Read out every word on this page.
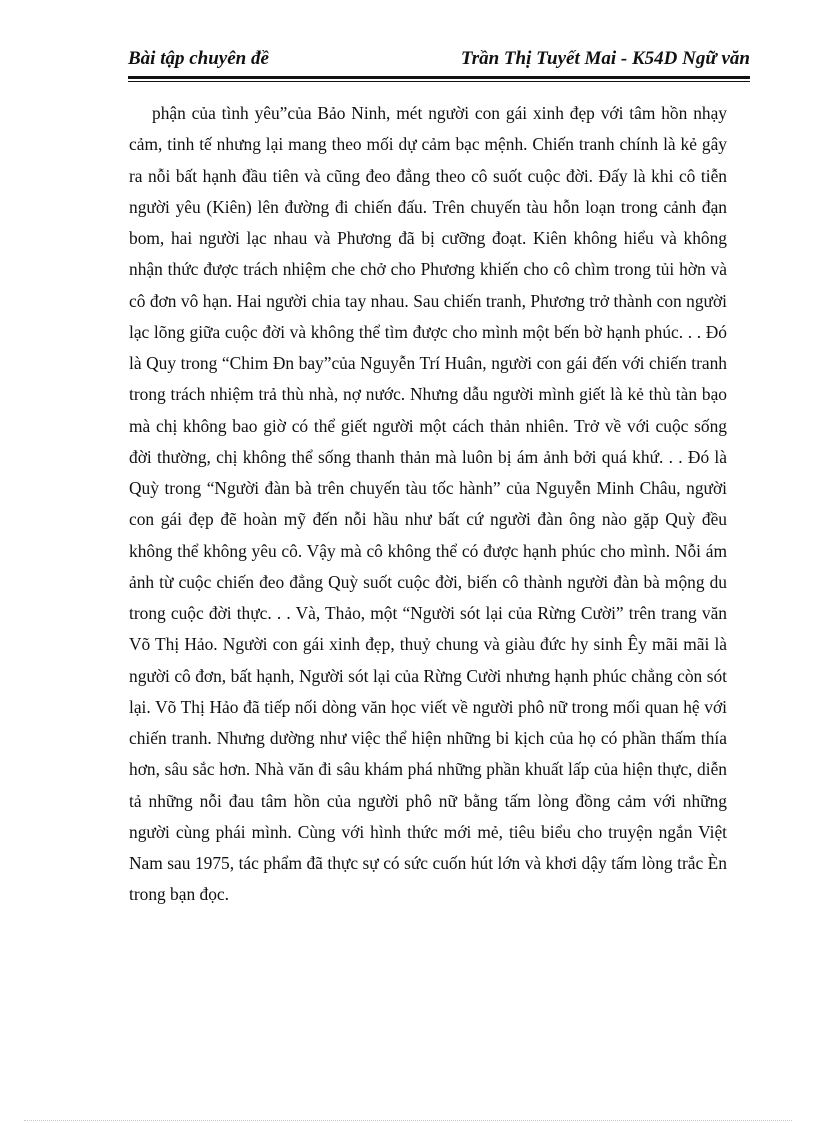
Bài tập chuyên đề	Trần Thị Tuyết Mai - K54D Ngữ văn

phận của tình yêu”của Bảo Ninh, mét người con gái xinh đẹp với tâm hồn nhạy cảm, tinh tế nhưng lại mang theo mối dự cảm bạc mệnh. Chiến tranh chính là kẻ gây ra nỗi bất hạnh đầu tiên và cũng đeo đẳng theo cô suốt cuộc đời. Đấy là khi cô tiễn người yêu (Kiên) lên đường đi chiến đấu. Trên chuyến tàu hỗn loạn trong cảnh đạn bom, hai người lạc nhau và Phương đã bị cưỡng đoạt. Kiên không hiểu và không nhận thức được trách nhiệm che chở cho Phương khiến cho cô chìm trong tủi hờn và cô đơn vô hạn. Hai người chia tay nhau. Sau chiến tranh, Phương trở thành con người lạc lõng giữa cuộc đời và không thể tìm được cho mình một bến bờ hạnh phúc. . . Đó là Quy trong “Chim Đn bay”của Nguyễn Trí Huân, người con gái đến với chiến tranh trong trách nhiệm trả thù nhà, nợ nước. Nhưng dẫu người mình giết là kẻ thù tàn bạo mà chị không bao giờ có thể giết người một cách thản nhiên. Trở về với cuộc sống đời thường, chị không thể sống thanh thản mà luôn bị ám ảnh bởi quá khứ. . . Đó là Quỳ trong “Người đàn bà trên chuyến tàu tốc hành” của Nguyễn Minh Châu, người con gái đẹp đẽ hoàn mỹ đến nỗi hầu như bất cứ người đàn ông nào gặp Quỳ đều không thể không yêu cô. Vậy mà cô không thể có được hạnh phúc cho mình. Nỗi ám ảnh từ cuộc chiến đeo đẳng Quỳ suốt cuộc đời, biến cô thành người đàn bà mộng du trong cuộc đời thực. . . Và, Thảo, một “Người sót lại của Rừng Cười” trên trang văn Võ Thị Hảo. Người con gái xinh đẹp, thuỷ chung và giàu đức hy sinh Êy mãi mãi là người cô đơn, bất hạnh, Người sót lại của Rừng Cười nhưng hạnh phúc chẳng còn sót lại. Võ Thị Hảo đã tiếp nối dòng văn học viết về người phô nữ trong mối quan hệ với chiến tranh. Nhưng dường như việc thể hiện những bi kịch của họ có phần thấm thía hơn, sâu sắc hơn. Nhà văn đi sâu khám phá những phần khuất lấp của hiện thực, diễn tả những nỗi đau tâm hồn của người phô nữ bằng tấm lòng đồng cảm với những người cùng phái mình. Cùng với hình thức mới mẻ, tiêu biểu cho truyện ngắn Việt Nam sau 1975, tác phẩm đã thực sự có sức cuốn hút lớn và khơi dậy tấm lòng trắc Èn trong bạn đọc.
